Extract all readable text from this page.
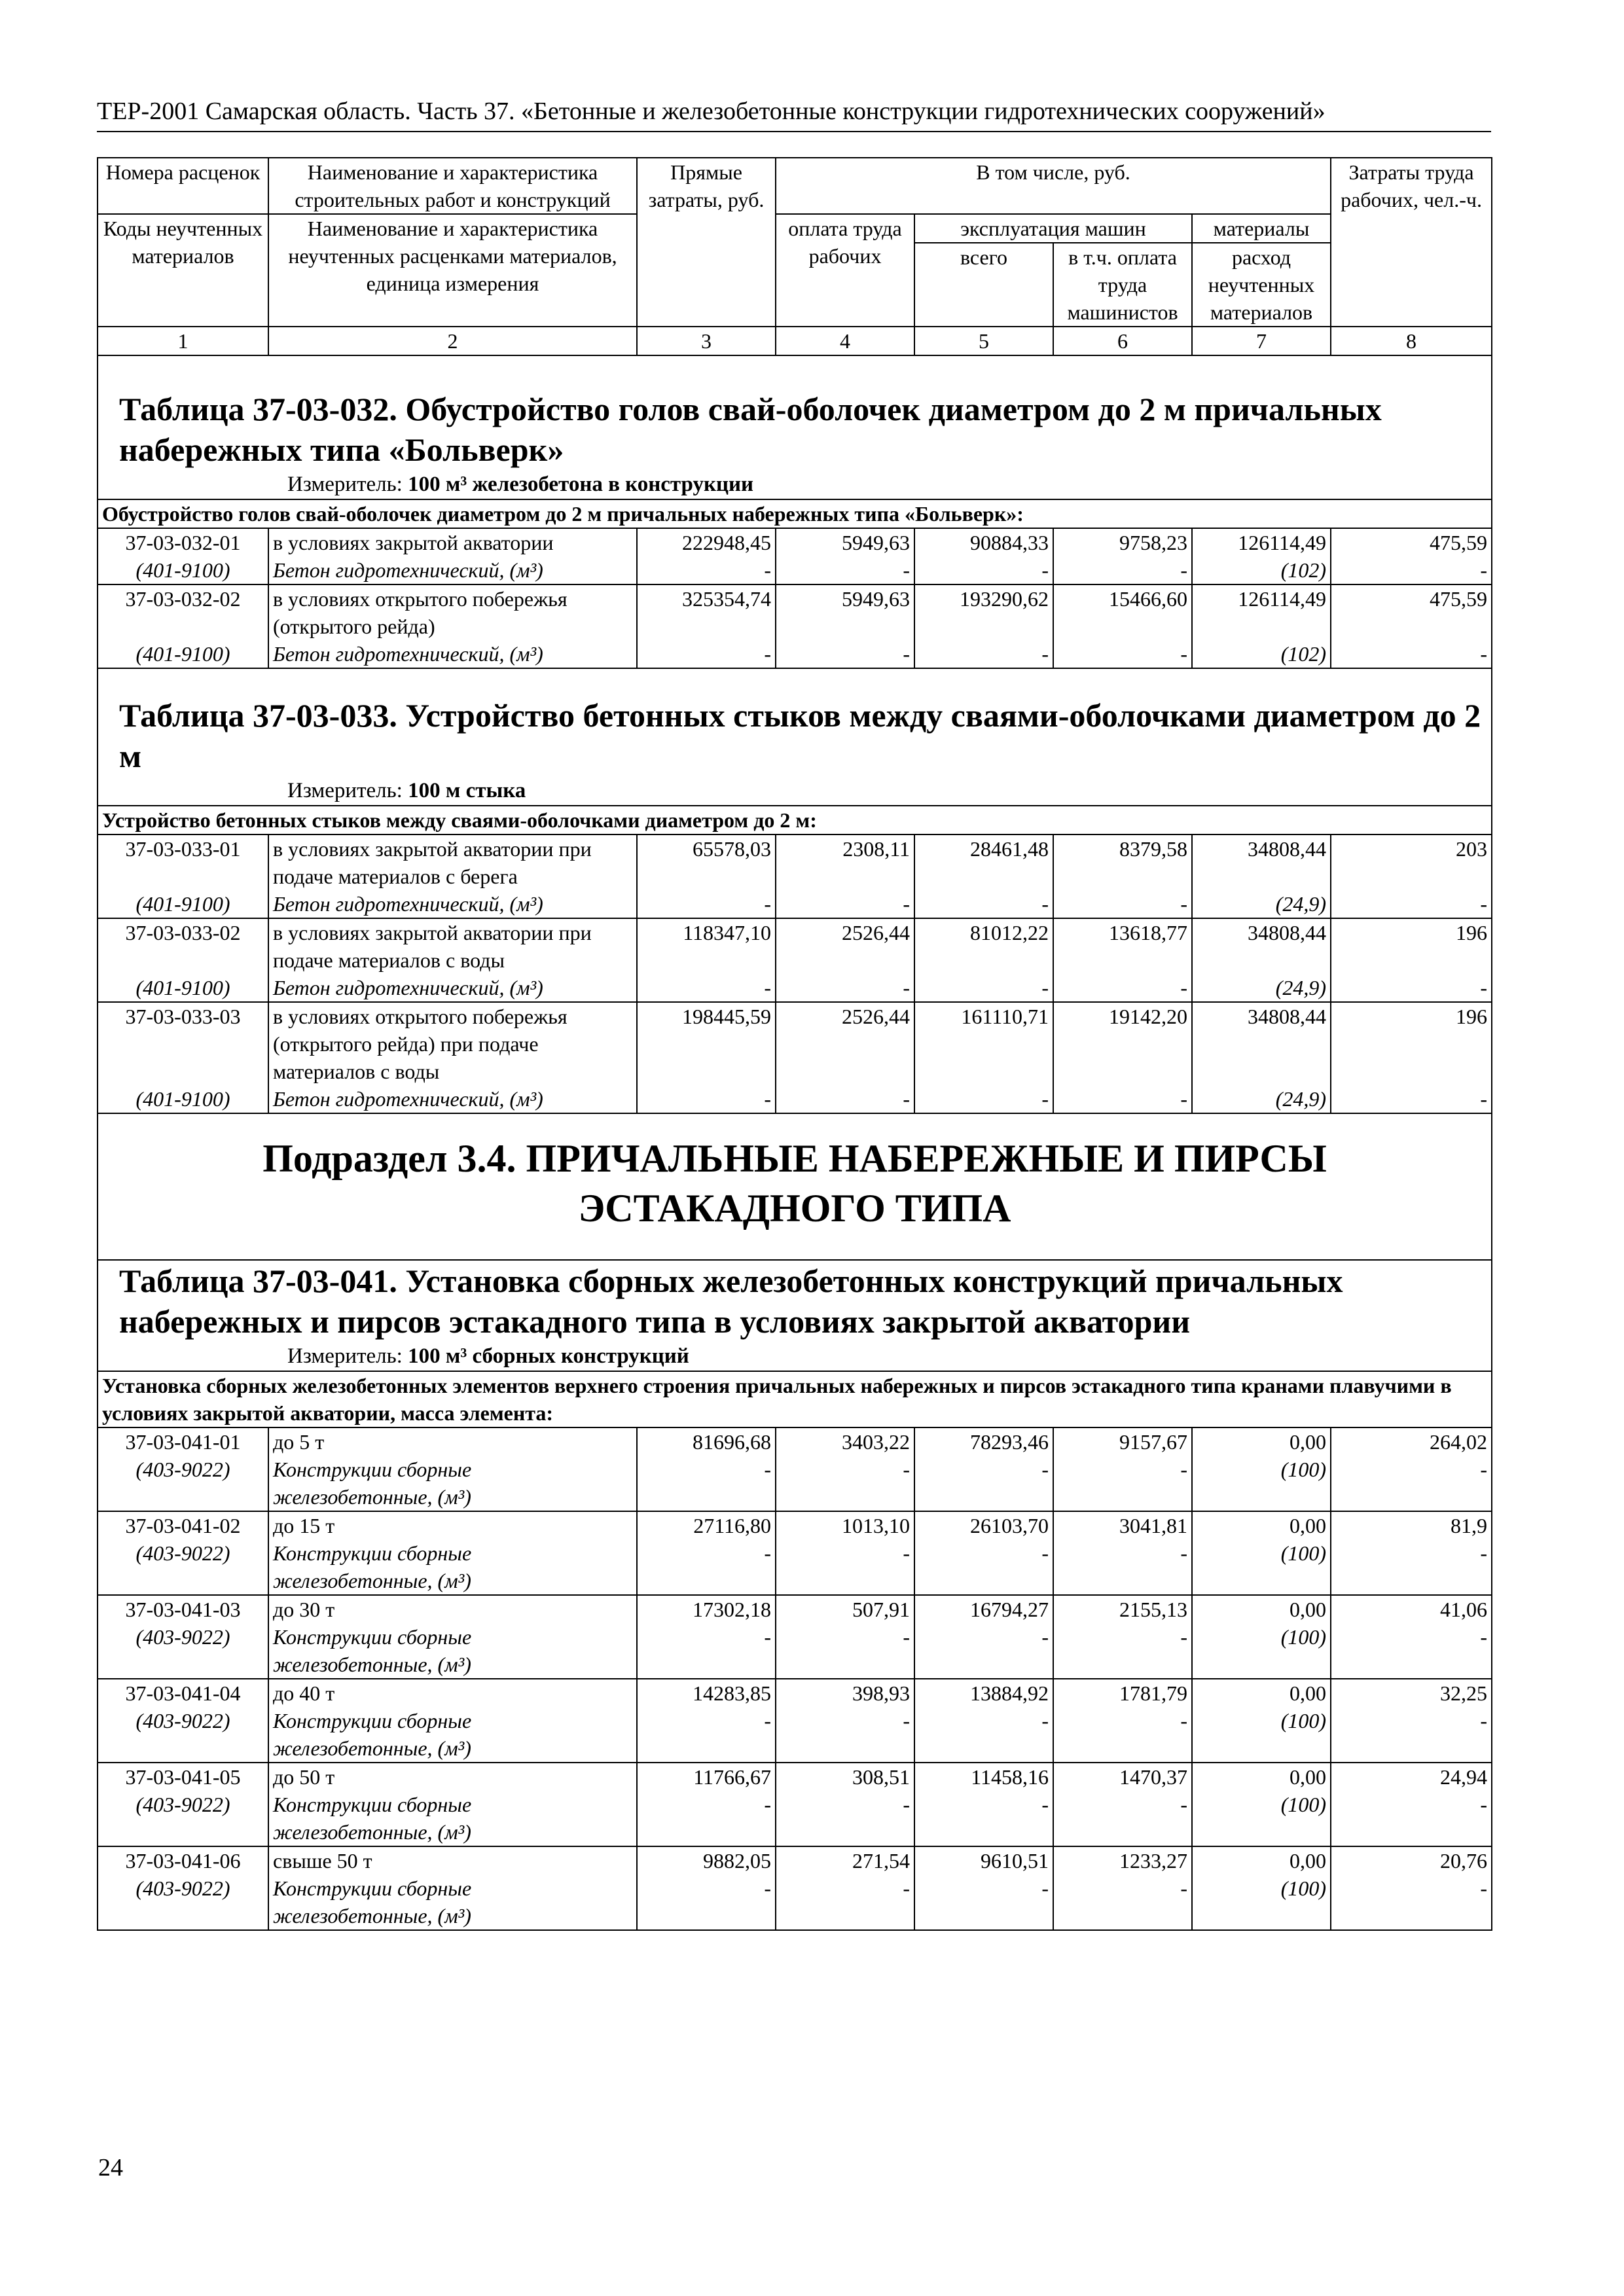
ТЕР-2001 Самарская область. Часть 37. «Бетонные и железобетонные конструкции гидротехнических сооружений»
Номера расценок	Наименование и характеристика строительных работ и конструкций	Прямые затраты, руб.	В том числе, руб.				Затраты труда рабочих, чел.-ч.
Коды неучтенных материалов	Наименование и характеристика неучтенных расценками материалов, единица измерения		оплата труда рабочих	эксплуатация машин		материалы	
				всего	в т.ч. оплата труда машинистов	расход неучтенных материалов	
1	2	3	4	5	6	7	8

Таблица 37-03-032. Обустройство голов свай-оболочек диаметром до 2 м причальных набережных типа «Больверк»
Измеритель: 100 м³ железобетона в конструкции							

Обустройство голов свай-оболочек диаметром до 2 м причальных набережных типа «Больверк»:							
37-03-032-01	в условиях закрытой акватории	222948,45	5949,63	90884,33	9758,23	126114,49	475,59
(401-9100)	Бетон гидротехнический, (м³)	-	-	-	-	(102)	-
37-03-032-02	в условиях открытого побережья (открытого рейда)	325354,74	5949,63	193290,62	15466,60	126114,49	475,59
(401-9100)	Бетон гидротехнический, (м³)	-	-	-	-	(102)	-

Таблица 37-03-033. Устройство бетонных стыков между сваями-оболочками диаметром до 2 м
Измеритель: 100 м стыка							

Устройство бетонных стыков между сваями-оболочками диаметром до 2 м:							
37-03-033-01	в условиях закрытой акватории при подаче материалов с берега	65578,03	2308,11	28461,48	8379,58	34808,44	203
(401-9100)	Бетон гидротехнический, (м³)	-	-	-	-	(24,9)	-
37-03-033-02	в условиях закрытой акватории при подаче материалов с воды	118347,10	2526,44	81012,22	13618,77	34808,44	196
(401-9100)	Бетон гидротехнический, (м³)	-	-	-	-	(24,9)	-
37-03-033-03	в условиях открытого побережья (открытого рейда) при подаче материалов с воды	198445,59	2526,44	161110,71	19142,20	34808,44	196
(401-9100)	Бетон гидротехнический, (м³)	-	-	-	-	(24,9)	-

Подраздел 3.4. ПРИЧАЛЬНЫЕ НАБЕРЕЖНЫЕ И ПИРСЫ
ЭСТАКАДНОГО ТИПА							

Таблица 37-03-041. Установка сборных железобетонных конструкций причальных набережных и пирсов эстакадного типа в условиях закрытой акватории
Измеритель: 100 м³ сборных конструкций							

Установка сборных железобетонных элементов верхнего строения причальных набережных и пирсов эстакадного типа кранами плавучими в условиях закрытой акватории, масса элемента:							
37-03-041-01	до 5 т	81696,68	3403,22	78293,46	9157,67	0,00	264,02
(403-9022)	Конструкции сборные железобетонные, (м³)	-	-	-	-	(100)	-
37-03-041-02	до 15 т	27116,80	1013,10	26103,70	3041,81	0,00	81,9
(403-9022)	Конструкции сборные железобетонные, (м³)	-	-	-	-	(100)	-
37-03-041-03	до 30 т	17302,18	507,91	16794,27	2155,13	0,00	41,06
(403-9022)	Конструкции сборные железобетонные, (м³)	-	-	-	-	(100)	-
37-03-041-04	до 40 т	14283,85	398,93	13884,92	1781,79	0,00	32,25
(403-9022)	Конструкции сборные железобетонные, (м³)	-	-	-	-	(100)	-
37-03-041-05	до 50 т	11766,67	308,51	11458,16	1470,37	0,00	24,94
(403-9022)	Конструкции сборные железобетонные, (м³)	-	-	-	-	(100)	-
37-03-041-06	свыше 50 т	9882,05	271,54	9610,51	1233,27	0,00	20,76
(403-9022)	Конструкции сборные железобетонные, (м³)	-	-	-	-	(100)	-
24
